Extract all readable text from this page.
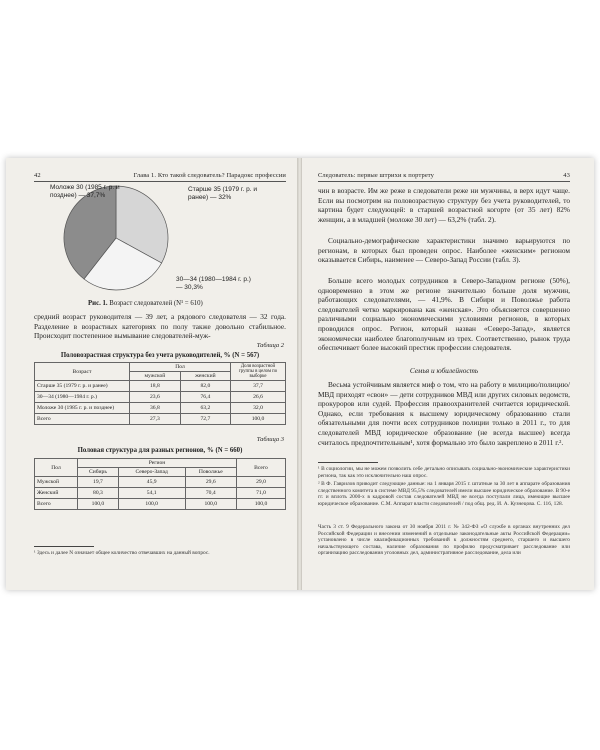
42	Глава 1. Кто такой следователь? Парадокс профессии
Моложе 30 (1985 г. р. и позднее) — 37,7%
Старше 35 (1979 г. р. и ранее) — 32%
30—34 (1980—1984 г. р.) — 30,3%
Рис. 1. Возраст следователей (N¹ = 610)
средний возраст руководителя — 39 лет, а рядового следователя — 32 года. Разделение в возрастных категориях по полу также довольно стабильное. Происходит постепенное вымывание следователей-муж-
Таблица 2
Половозрастная структура без учета руководителей, % (N = 567)
Возраст	Пол		Доля возрастной группы в целом по выборке
	мужской	женский	
Старше 35 (1979 г. р. и ранее)	18,8	82,0	37,7
30—34 (1980—1984 г. р.)	23,6	76,4	26,6
Моложе 30 (1985 г. р. и позднее)	36,8	63,2	32,0
Всего	27,3	72,7	100,0
Таблица 3
Половая структура для разных регионов, % (N = 660)
Пол	Регион			Всего
	Сибирь	Северо-Запад	Поволжье	
Мужской	19,7	45,9	29,6	29,0
Женский	80,3	54,1	70,4	71,0
Всего	100,0	100,0	100,0	100,0
¹ Здесь и далее N означает общее количество отвечавших на данный вопрос.
Следователь: первые штрихи к портрету	43
чин в возрасте. Им же реже в следователи реже ни мужчины, в верх идут чаще. Если вы посмотрим на половозрастную структуру без учета руководителей, то картина будет следующей: в старшей возрастной когорте (от 35 лет) 82% женщин, а в младшей (моложе 30 лет) — 63,2% (табл. 2).
Социально-демографические характеристики значимо варьируются по регионам, в которых был проведен опрос. Наиболее «женским» регионом оказывается Сибирь, наименее — Северо-Запад России (табл. 3).
Больше всего молодых сотрудников в Северо-Западном регионе (50%), одновременно в этом же регионе значительно больше доля мужчин, работающих следователями, — 41,9%. В Сибири и Поволжье работа следователей четко маркирована как «женская». Это объясняется совершенно различными социально экономическими условиями регионов, в которых проводился опрос. Регион, который назван «Северо-Запад», является экономически наиболее благополучным из трех. Соответственно, рынок труда обеспечивает более высокий престиж профессии следователя.
Семья и юбилейность
Весьма устойчивым является миф о том, что на работу в милицию/полицию/МВД приходят «свои» — дети сотрудников МВД или других силовых ведомств, прокуроров или судей. Профессия правоохранителей считается юридической. Однако, если требования к высшему юридическому образованию стали обязательными для почти всех сотрудников полиции только в 2011 г., то для следователей МВД юридическое образование (не всегда высшее) всегда считалось предпочтительным¹, хотя формально это было закреплено в 2011 г.².
¹ В социологии, мы не можем позволить себе детально описывать социально-экономические характеристики региона, так как это исключительно наш опрос.
² В Ф. Гаврилов приводит следующие данные: на 1 января 2015 г. штатные за 30 лет в аппарате образования следственного комитета в системе МВД 95,5% следователей имели высшее юридическое образование. В 90-е гг. и вплоть 2000-х в кадровой состав следователей МВД не всегда поступали лица, имеющие высшее юридическое образование. С.М. Аппарат власти следователей / под общ. ред. И. А. Кузнецова. С. 116, 128.
Часть 3 ст. 9 Федерального закона от 30 ноября 2011 г. № 342-ФЗ «О службе в органах внутренних дел Российской Федерации и внесении изменений в отдельные законодательные акты Российской Федерации» установлено в числе квалификационных требований к должностям среднего, старшего и высшего начальствующего состава, наличие образования по профилю предусматривает расследование или организацию расследования уголовных дел, административное расследование, дела или
